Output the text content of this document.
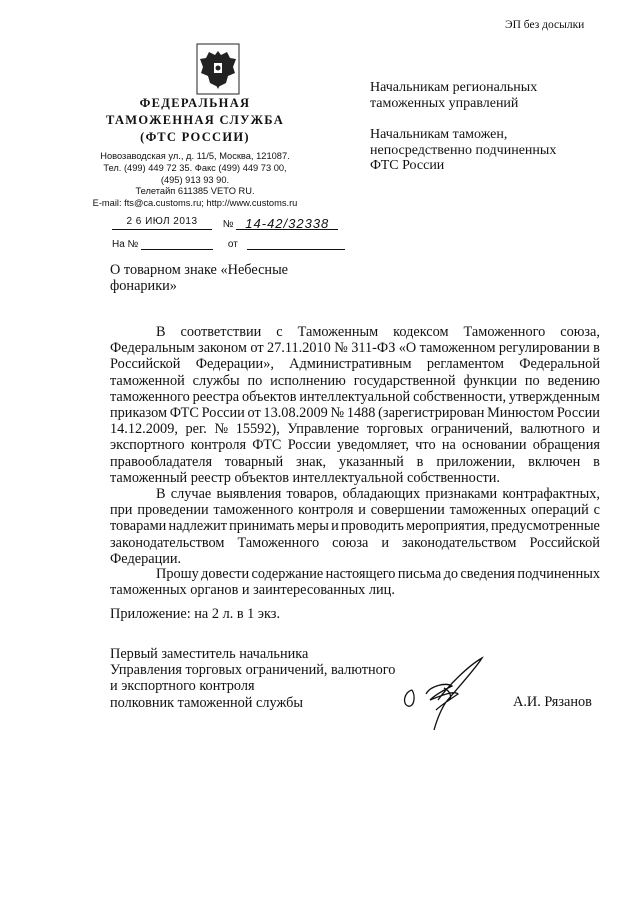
ЭП без досылки
Начальникам региональных
таможенных управлений
Начальникам таможен,
непосредственно подчиненных
ФТС России
ФЕДЕРАЛЬНАЯ
ТАМОЖЕННАЯ СЛУЖБА
(ФТС РОССИИ)
Новозаводская ул., д. 11/5, Москва, 121087.
Тел. (499) 449 72 35. Факс (499) 449 73 00,
(495) 913 93 90.
Телетайп 611385 VETO RU.
E-mail: fts@ca.customs.ru; http://www.customs.ru
2 6 ИЮЛ 2013	№ 14-42/32338
На №	от
О товарном знаке «Небесные
фонарики»
В соответствии с Таможенным кодексом Таможенного союза,
Федеральным законом от 27.11.2010 № 311-ФЗ «О таможенном регулировании в
Российской Федерации», Административным регламентом Федеральной
таможенной службы по исполнению государственной функции по ведению
таможенного реестра объектов интеллектуальной собственности, утвержденным
приказом ФТС России от 13.08.2009 № 1488 (зарегистрирован Минюстом России
14.12.2009, рег. № 15592), Управление торговых ограничений, валютного и
экспортного контроля ФТС России уведомляет, что на основании обращения
правообладателя товарный знак, указанный в приложении, включен в
таможенный реестр объектов интеллектуальной собственности.
В случае выявления товаров, обладающих признаками контрафактных,
при проведении таможенного контроля и совершении таможенных операций с
товарами надлежит принимать меры и проводить мероприятия, предусмотренные
законодательством Таможенного союза и законодательством Российской
Федерации.
Прошу довести содержание настоящего письма до сведения подчиненных
таможенных органов и заинтересованных лиц.
Приложение: на 2 л. в 1 экз.
Первый заместитель начальника
Управления торговых ограничений, валютного
и экспортного контроля
полковник таможенной службы	А.И. Рязанов
